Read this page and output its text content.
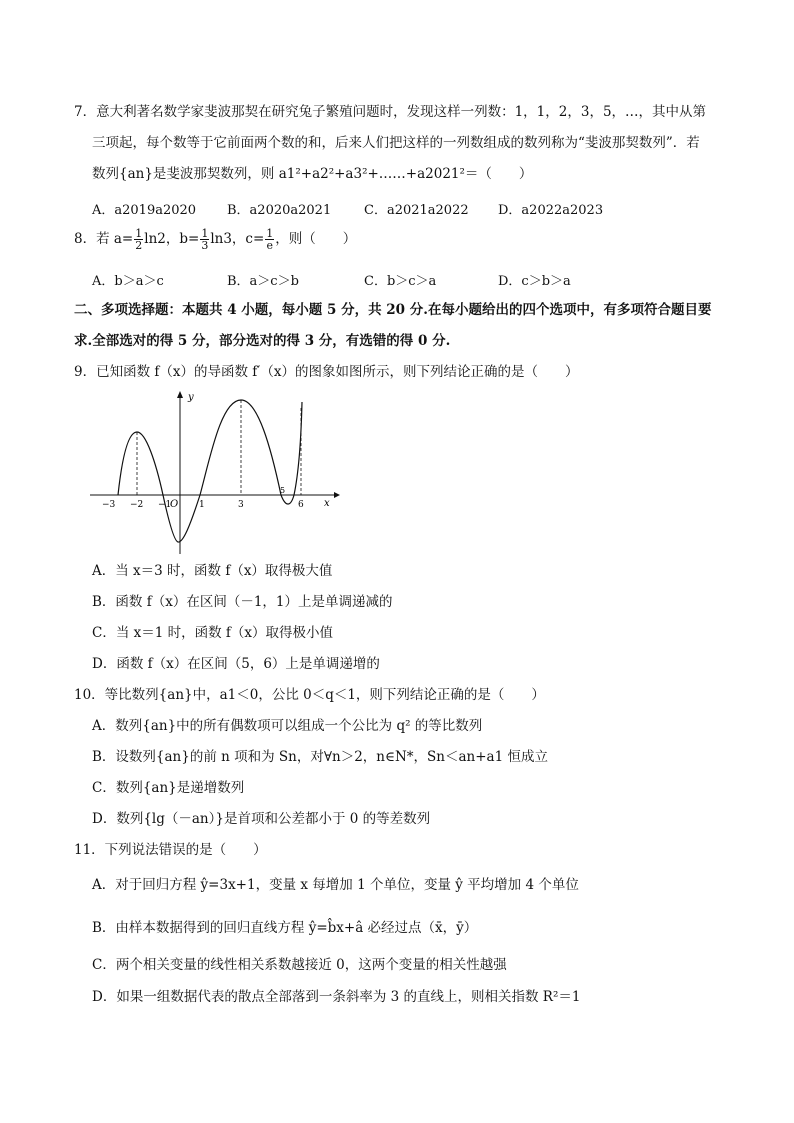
7．意大利著名数学家斐波那契在研究兔子繁殖问题时，发现这样一列数：1，1，2，3，5，…，其中从第
三项起，每个数等于它前面两个数的和，后来人们把这样的一列数组成的数列称为“斐波那契数列”．若
数列{an}是斐波那契数列，则 a1²+a2²+a3²+……+a2021²＝（　　）
A．a2019a2020 B．a2020a2021	C．a2021a2022 D．a2022a2023
8．若 $a= \frac{1}{2} \ln 2$，$b= \frac{1}{3} \ln 3$，$c= \frac{1}{e}$ ，则（　　）
A．b＞a＞c	B．a＞c＞b	C．b＞c＞a	D．c＞b＞a
二、多项选择题：本题共 4 小题，每小题 5 分，共 20 分.在每小题给出的四个选项中，有多项符合题目要
求.全部选对的得 5 分，部分选对的得 3 分，有选错的得 0 分.
9．已知函数 f（x）的导函数 f′（x）的图象如图所示，则下列结论正确的是（　　）
y
x
O
−3 −2 −1	1	3
5
6
A．当 x＝3 时，函数 f（x）取得极大值
B．函数 f（x）在区间（－1，1）上是单调递减的
C．当 x＝1 时，函数 f（x）取得极小值
D．函数 f（x）在区间（5，6）上是单调递增的
10．等比数列{an}中，a1＜0，公比 0＜q＜1，则下列结论正确的是（　　）
A．数列{an}中的所有偶数项可以组成一个公比为 q² 的等比数列
B．设数列{an}的前 n 项和为 Sn，对∀n＞2，n∈N*，Sn＜an+a1 恒成立
C．数列{an}是递增数列
D．数列{lg（－an）}是首项和公差都小于 0 的等差数列
11．下列说法错误的是（　　）
A．对于回归方程 ŷ=3x+1，变量 x 每增加 1 个单位，变量 ŷ 平均增加 4 个单位
B．由样本数据得到的回归直线方程 ŷ=b̂x+â 必经过点（x̄，ȳ）
C．两个相关变量的线性相关系数越接近 0，这两个变量的相关性越强
D．如果一组数据代表的散点全部落到一条斜率为 3 的直线上，则相关指数 R²＝1
